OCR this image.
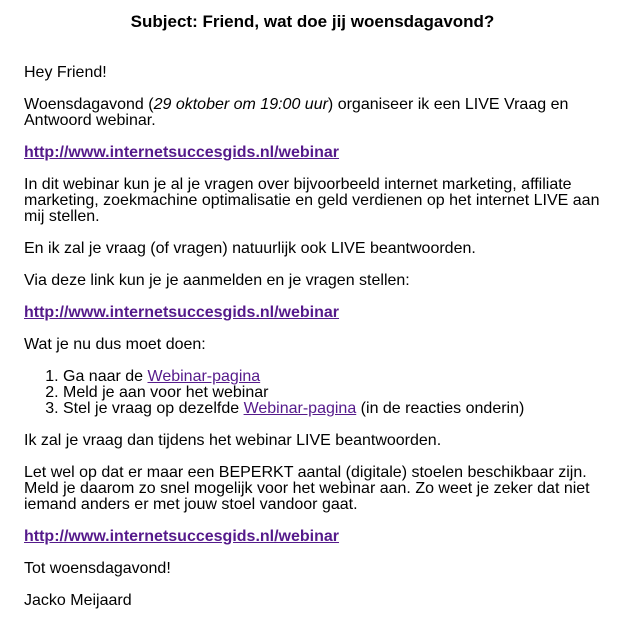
Subject: Friend, wat doe jij woensdagavond?

Hey Friend!

Woensdagavond (29 oktober om 19:00 uur) organiseer ik een LIVE Vraag en Antwoord webinar.

http://www.internetsuccesgids.nl/webinar

In dit webinar kun je al je vragen over bijvoorbeeld internet marketing, affiliate marketing, zoekmachine optimalisatie en geld verdienen op het internet LIVE aan mij stellen.

En ik zal je vraag (of vragen) natuurlijk ook LIVE beantwoorden.

Via deze link kun je je aanmelden en je vragen stellen:

http://www.internetsuccesgids.nl/webinar

Wat je nu dus moet doen:

1. Ga naar de Webinar-pagina
2. Meld je aan voor het webinar
3. Stel je vraag op dezelfde Webinar-pagina (in de reacties onderin)

Ik zal je vraag dan tijdens het webinar LIVE beantwoorden.

Let wel op dat er maar een BEPERKT aantal (digitale) stoelen beschikbaar zijn. Meld je daarom zo snel mogelijk voor het webinar aan. Zo weet je zeker dat niet iemand anders er met jouw stoel vandoor gaat.

http://www.internetsuccesgids.nl/webinar

Tot woensdagavond!

Jacko Meijaard
